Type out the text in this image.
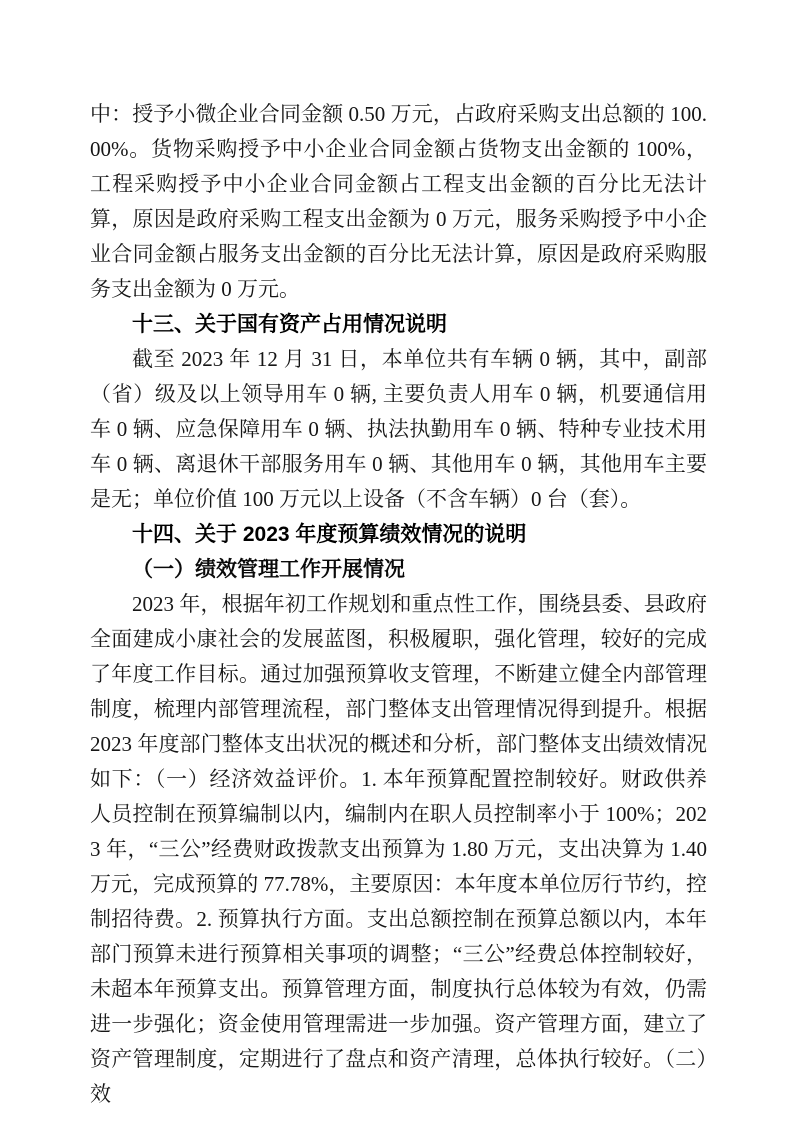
中：授予小微企业合同金额 0.50 万元，占政府采购支出总额的 100.00%。货物采购授予中小企业合同金额占货物支出金额的 100%，工程采购授予中小企业合同金额占工程支出金额的百分比无法计算，原因是政府采购工程支出金额为 0 万元，服务采购授予中小企业合同金额占服务支出金额的百分比无法计算，原因是政府采购服务支出金额为 0 万元。

十三、关于国有资产占用情况说明

截至 2023 年 12 月 31 日，本单位共有车辆 0 辆，其中，副部（省）级及以上领导用车 0 辆, 主要负责人用车 0 辆，机要通信用车 0 辆、应急保障用车 0 辆、执法执勤用车 0 辆、特种专业技术用车 0 辆、离退休干部服务用车 0 辆、其他用车 0 辆，其他用车主要是无；单位价值 100 万元以上设备（不含车辆）0 台（套）。

十四、关于 2023 年度预算绩效情况的说明
（一）绩效管理工作开展情况

2023 年，根据年初工作规划和重点性工作，围绕县委、县政府全面建成小康社会的发展蓝图，积极履职，强化管理，较好的完成了年度工作目标。通过加强预算收支管理，不断建立健全内部管理制度，梳理内部管理流程，部门整体支出管理情况得到提升。根据 2023 年度部门整体支出状况的概述和分析，部门整体支出绩效情况如下：（一）经济效益评价。1. 本年预算配置控制较好。财政供养人员控制在预算编制以内，编制内在职人员控制率小于 100%；2023 年，“三公”经费财政拨款支出预算为 1.80 万元，支出决算为 1.40 万元，完成预算的 77.78%，主要原因：本年度本单位厉行节约，控制招待费。2. 预算执行方面。支出总额控制在预算总额以内，本年部门预算未进行预算相关事项的调整；“三公”经费总体控制较好，未超本年预算支出。预算管理方面，制度执行总体较为有效，仍需进一步强化；资金使用管理需进一步加强。资产管理方面，建立了资产管理制度，定期进行了盘点和资产清理，总体执行较好。（二）效
